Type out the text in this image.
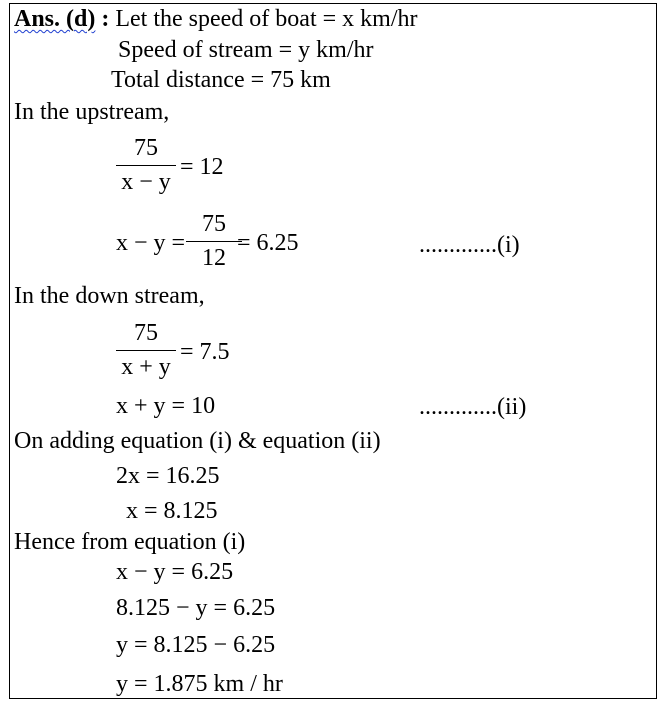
Ans. (d) : Let the speed of boat = x km/hr
Speed of stream = y km/hr
Total distance = 75 km
In the upstream,
75
x − y
= 12
x − y =
75
12
= 6.25	.............(i)
In the down stream,
75
x + y
= 7.5
x + y = 10	.............(ii)
On adding equation (i) & equation (ii)
2x = 16.25
x = 8.125
Hence from equation (i)
x − y = 6.25
8.125 − y = 6.25
y = 8.125 − 6.25
y = 1.875 km / hr
